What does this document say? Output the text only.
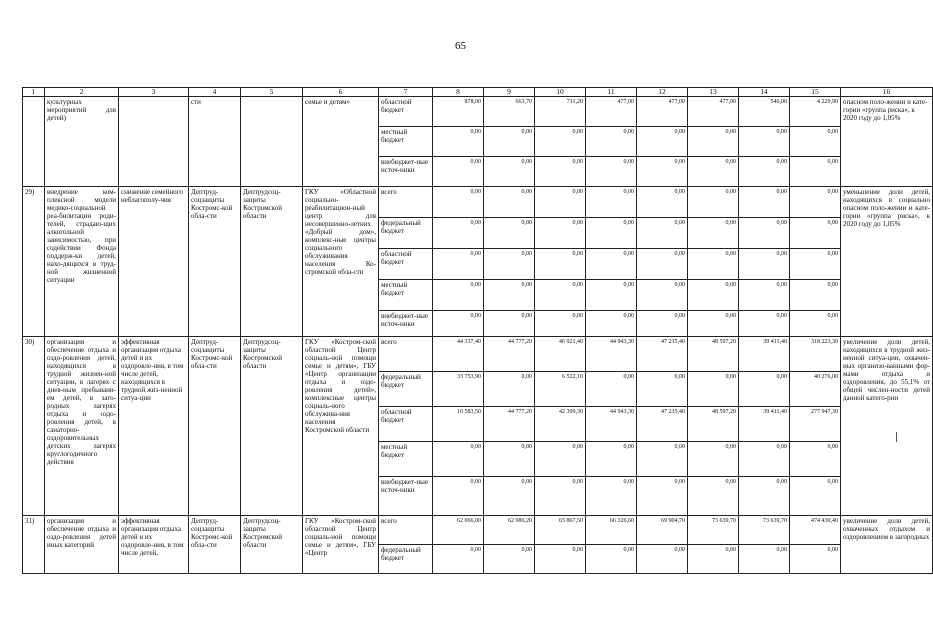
65
1	2	3	4	5	6	7	8	9	10	11	12	13	14	15	16
	культурных мероприятий для детей)		сти		семье и детям»	областной бюджет	878,00	663,70	711,20	477,00	477,00	477,00	546,00	4 229,90	опасном поло-жении и кате-гории «группа риска», к 2020 году до 1,05%
						местный бюджет	0,00	0,00	0,00	0,00	0,00	0,00	0,00	0,00	
						внебюджет-ные источ-ники	0,00	0,00	0,00	0,00	0,00	0,00	0,00	0,00	
29)	внедрение ком-плексной модели медико-социальной реа-билитации роди-телей, страдаю-щих алкогольной зависимостью, при содействии Фонда поддерж-ки детей, нахо-дящихся в труд-ной жизненной ситуации	снижение семейного неблагополу-чия	Дептруд-соцзащиты Костромс-кой обла-сти	Дептрудсоц-защиты Костромской области	ГКУ «Областной социально-реабилитацион-ный центр для несовершенно-летних «Добрый дом», комплекс-ные центры социального обслуживания населения Ко-стромской обла-сти	всего	0,00	0,00	0,00	0,00	0,00	0,00	0,00	0,00	уменьшение доли детей, находящихся в социально опасном поло-жении и кате-гории «группа риска», к 2020 году до 1,05%
						федеральный бюджет	0,00	0,00	0,00	0,00	0,00	0,00	0,00	0,00	
						областной бюджет	0,00	0,00	0,00	0,00	0,00	0,00	0,00	0,00	
						местный бюджет	0,00	0,00	0,00	0,00	0,00	0,00	0,00	0,00	
						внебюджет-ные источ-ники	0,00	0,00	0,00	0,00	0,00	0,00	0,00	0,00	
30)	организация и обеспечение отдыха и оздо-ровления детей, находящихся в трудной жизнен-ной ситуации, в лагерях с днев-ным пребывани-ем детей, в заго-родных лагерях отдыха и оздо-ровления детей, в санаторно-оздоровительных детских лагерях круглогодичного действия	эффективная организация отдыха детей и их оздоровле-ния, в том числе детей, находящихся в трудной жиз-ненной ситуа-ции	Дептруд-соцзащиты Костромс-кой обла-сти	Дептрудсоц-защиты Костромской области	ГКУ «Костром-ской областной Центр социаль-ной помощи семье и детям», ГБУ «Центр организации отдыха и оздо-ровления детей», комплексные центры социаль-ного обслужива-ния населения Костромской области	всего	44 337,40	44 777,20	46 921,40	44 943,30	47 235,40	48 597,20	39 411,40	318 223,30	увеличение доли детей, находящихся в трудной жиз-ненной ситуа-ции, охвачен-ных организо-ванными фор-мами отдыха и оздоровления, до 55,1% от общей числен-ности детей данной катего-рии
						федеральный бюджет	33 753,90	0,00	6 522,10	0,00	0,00	0,00	0,00	40 276,00	
						областной бюджет	10 583,50	44 777,20	42 399,30	44 943,30	47 235,40	48 597,20	39 411,40	277 947,30	
						местный бюджет	0,00	0,00	0,00	0,00	0,00	0,00	0,00	0,00	
						внебюджет-ные источ-ники	0,00	0,00	0,00	0,00	0,00	0,00	0,00	0,00	
31)	организация и обеспечение отдыха и оздо-ровления детей иных категорий	эффективная организация отдыха детей и их оздоровле-ния, в том числе детей,	Дептруд-соцзащиты Костромс-кой обла-сти	Дептрудсоц-защиты Костромской области	ГКУ «Костром-ской областной Центр социаль-ной помощи семье и детям», ГБУ «Центр	всего	62 066,00	62 986,20	65 867,50	66 326,60	69 904,70	73 639,70	73 639,70	474 430,40	увеличение доли детей, охваченных отдыхом и оздоровлением в загородных
						федеральный бюджет	0,00	0,00	0,00	0,00	0,00	0,00	0,00	0,00	
